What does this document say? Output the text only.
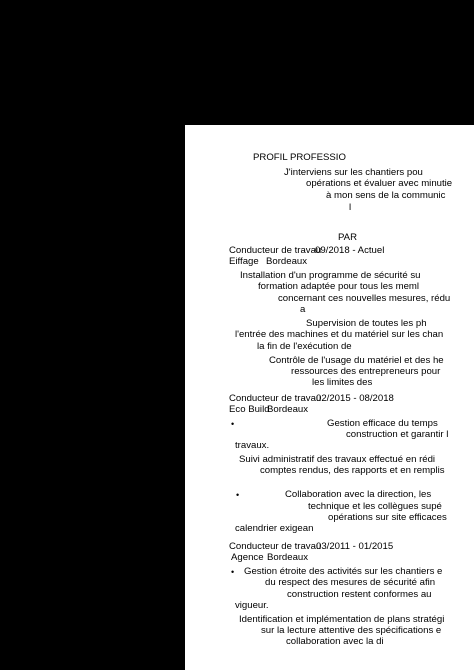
PROFIL PROFESSIO
J'interviens sur les chantiers pou
opérations et évaluer avec minutie
à mon sens de la communic
l
PAR
Conducteur de travau
09/2018 - Actuel
Eiffage Bordeaux
Installation d'un programme de sécurité su
formation adaptée pour tous les meml
concernant ces nouvelles mesures, rédu
a
Supervision de toutes les ph
l'entrée des machines et du matériel sur les chan
la fin de l'exécution de
Contrôle de l'usage du matériel et des he
ressources des entrepreneurs pour
les limites des
Conducteur de travau
02/2015 - 08/2018
Eco Build
Bordeaux
•	Gestion efficace du temps
construction et garantir l
travaux.
Suivi administratif des travaux effectué en rédi
comptes rendus, des rapports et en remplis
•	Collaboration avec la direction, les
technique et les collègues supé
opérations sur site efficaces
calendrier exigean
Conducteur de travau
03/2011 - 01/2015
Agence Bordeaux
• Gestion étroite des activités sur les chantiers e
du respect des mesures de sécurité afin
construction restent conformes au
vigueur.
Identification et implémentation de plans stratégi
sur la lecture attentive des spécifications e
collaboration avec la di
